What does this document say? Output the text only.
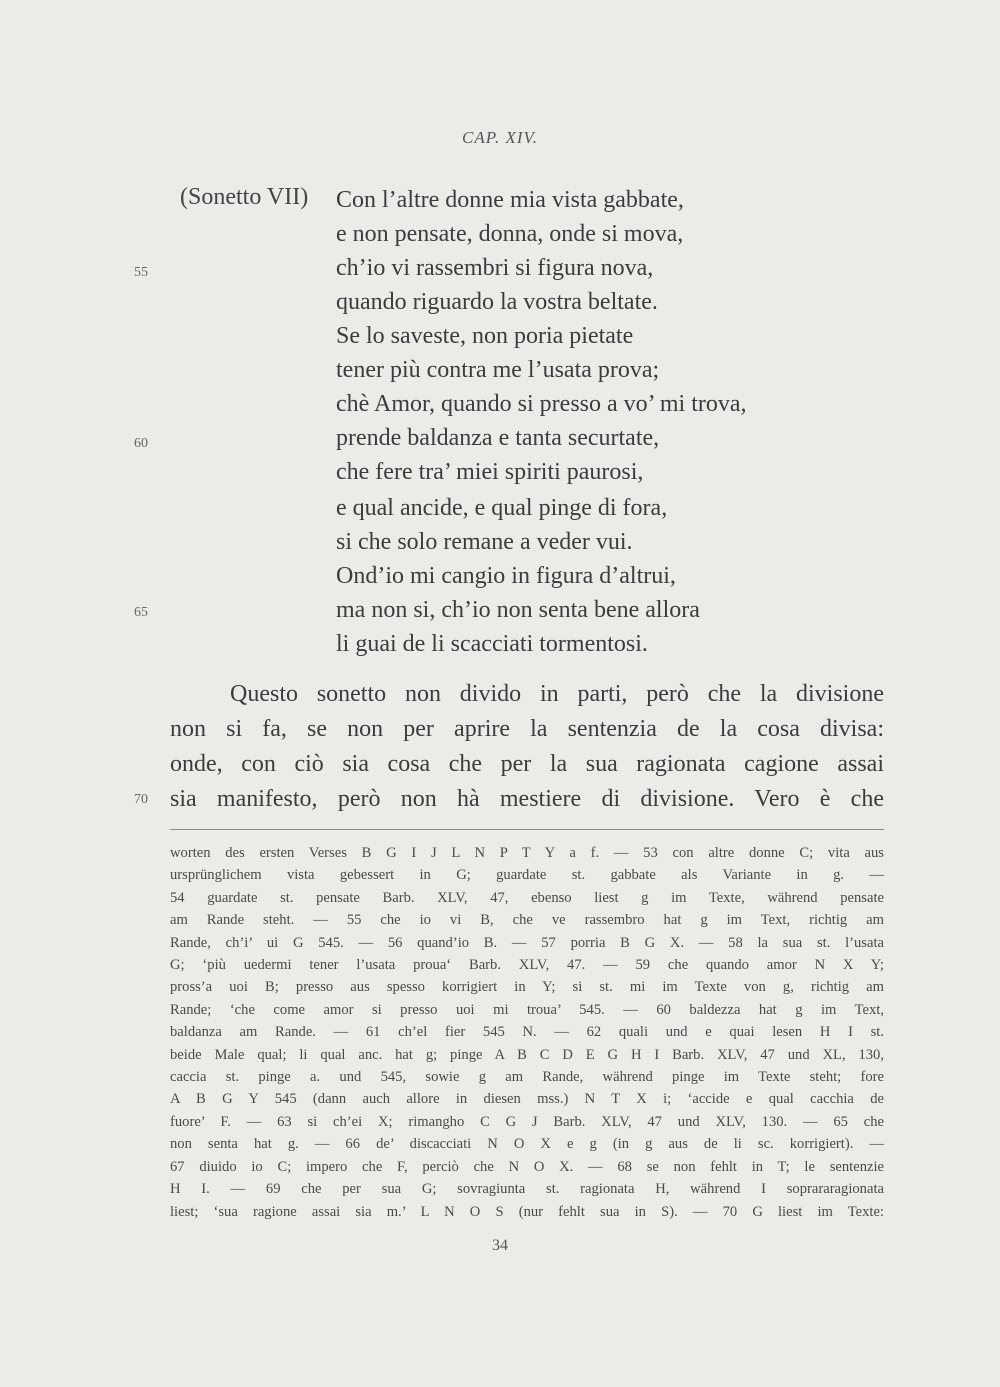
CAP. XIV.
(Sonetto VII) Con l’altre donne mia vista gabbate,
e non pensate, donna, onde si mova,
ch’io vi rassembri si figura nova,
quando riguardo la vostra beltate.
Se lo saveste, non poria pietate
tener più contra me l’usata prova;
chè Amor, quando si presso a vo’ mi trova,
prende baldanza e tanta securtate,
che fere tra’ miei spiriti paurosi,
e qual ancide, e qual pinge di fora,
si che solo remane a veder vui.
Ond’io mi cangio in figura d’altrui,
ma non si, ch’io non senta bene allora
li guai de li scacciati tormentosi.
55
60
65
70
Questo sonetto non divido in parti, però che la divisione
non si fa, se non per aprire la sentenzia de la cosa divisa:
onde, con ciò sia cosa che per la sua ragionata cagione assai
sia manifesto, però non hà mestiere di divisione. Vero è che
worten des ersten Verses B G I J L N P T Y a f. — 53 con altre donne C; vita aus
ursprünglichem vista gebessert in G; guardate st. gabbate als Variante in g. —
54 guardate st. pensate Barb. XLV, 47, ebenso liest g im Texte, während pensate
am Rande steht. — 55 che io vi B, che ve rassembro hat g im Text, richtig am
Rande, ch’i’ ui G 545. — 56 quand’io B. — 57 porria B G X. — 58 la sua st. l’usata
G; ‘più uedermi tener l’usata proua‘ Barb. XLV, 47. — 59 che quando amor N X Y;
pross’a uoi B; presso aus spesso korrigiert in Y; si st. mi im Texte von g, richtig am
Rande; ‘che come amor si presso uoi mi troua’ 545. — 60 baldezza hat g im Text,
baldanza am Rande. — 61 ch’el fier 545 N. — 62 quali und e quai lesen H I st.
beide Male qual; li qual anc. hat g; pinge A B C D E G H I Barb. XLV, 47 und XL, 130,
caccia st. pinge a. und 545, sowie g am Rande, während pinge im Texte steht; fore
A B G Y 545 (dann auch allore in diesen mss.) N T X i; ‘accide e qual cacchia de
fuore’ F. — 63 si ch’ei X; rimangho C G J Barb. XLV, 47 und XLV, 130. — 65 che
non senta hat g. — 66 de’ discacciati N O X e g (in g aus de li sc. korrigiert). —
67 diuido io C; impero che F, perciò che N O X. — 68 se non fehlt in T; le sentenzie
H I. — 69 che per sua G; sovragiunta st. ragionata H, während I soprararagionata
liest; ‘sua ragione assai sia m.’ L N O S (nur fehlt sua in S). — 70 G liest im Texte:
34
